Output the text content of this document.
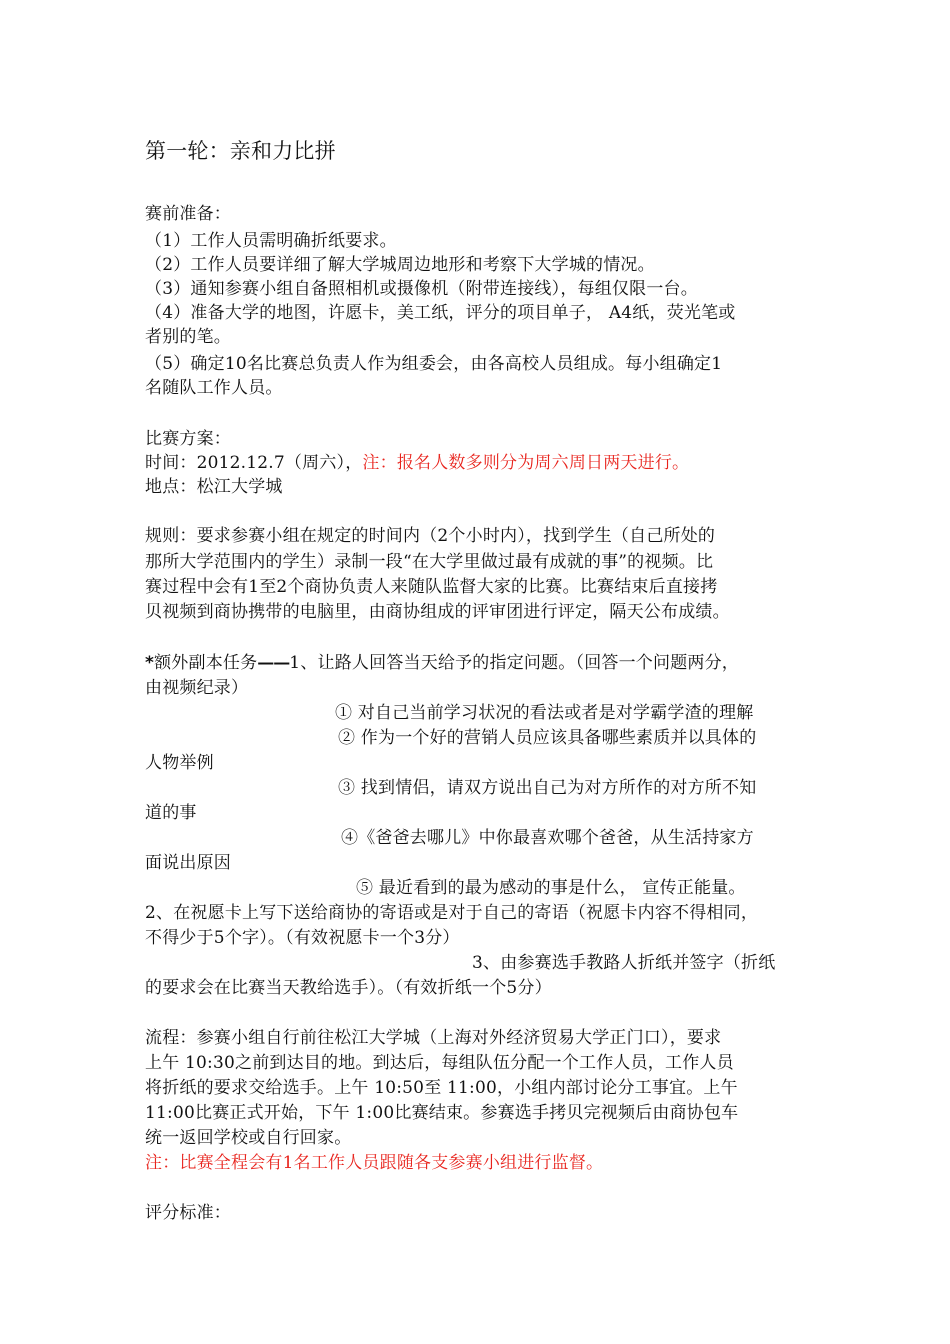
第一轮：亲和力比拼
赛前准备：
（1）工作人员需明确折纸要求。
（2）工作人员要详细了解大学城周边地形和考察下大学城的情况。
（3）通知参赛小组自备照相机或摄像机（附带连接线），每组仅限一台。
（4）准备大学的地图，许愿卡，美工纸，评分的项目单子， A4纸，荧光笔或
者别的笔。
（5）确定10名比赛总负责人作为组委会，由各高校人员组成。每小组确定1
名随队工作人员。
比赛方案：
时间：2012.12.7（周六），注：报名人数多则分为周六周日两天进行。
地点：松江大学城
规则：要求参赛小组在规定的时间内（2个小时内），找到学生（自己所处的
那所大学范围内的学生）录制一段“在大学里做过最有成就的事”的视频。比
赛过程中会有1至2个商协负责人来随队监督大家的比赛。比赛结束后直接拷
贝视频到商协携带的电脑里，由商协组成的评审团进行评定，隔天公布成绩。
*额外副本任务——1、让路人回答当天给予的指定问题。（回答一个问题两分，
由视频纪录）
① 对自己当前学习状况的看法或者是对学霸学渣的理解
② 作为一个好的营销人员应该具备哪些素质并以具体的
人物举例
③ 找到情侣，请双方说出自己为对方所作的对方所不知
道的事
④《爸爸去哪儿》中你最喜欢哪个爸爸，从生活持家方
面说出原因
⑤ 最近看到的最为感动的事是什么， 宣传正能量。
2、在祝愿卡上写下送给商协的寄语或是对于自己的寄语（祝愿卡内容不得相同，
不得少于5个字）。（有效祝愿卡一个3分）
3、由参赛选手教路人折纸并签字（折纸
的要求会在比赛当天教给选手）。（有效折纸一个5分）
流程：参赛小组自行前往松江大学城（上海对外经济贸易大学正门口），要求
上午 10:30之前到达目的地。到达后，每组队伍分配一个工作人员，工作人员
将折纸的要求交给选手。上午 10:50至 11:00，小组内部讨论分工事宜。上午
11:00比赛正式开始，下午 1:00比赛结束。参赛选手拷贝完视频后由商协包车
统一返回学校或自行回家。
注：比赛全程会有1名工作人员跟随各支参赛小组进行监督。
评分标准：
